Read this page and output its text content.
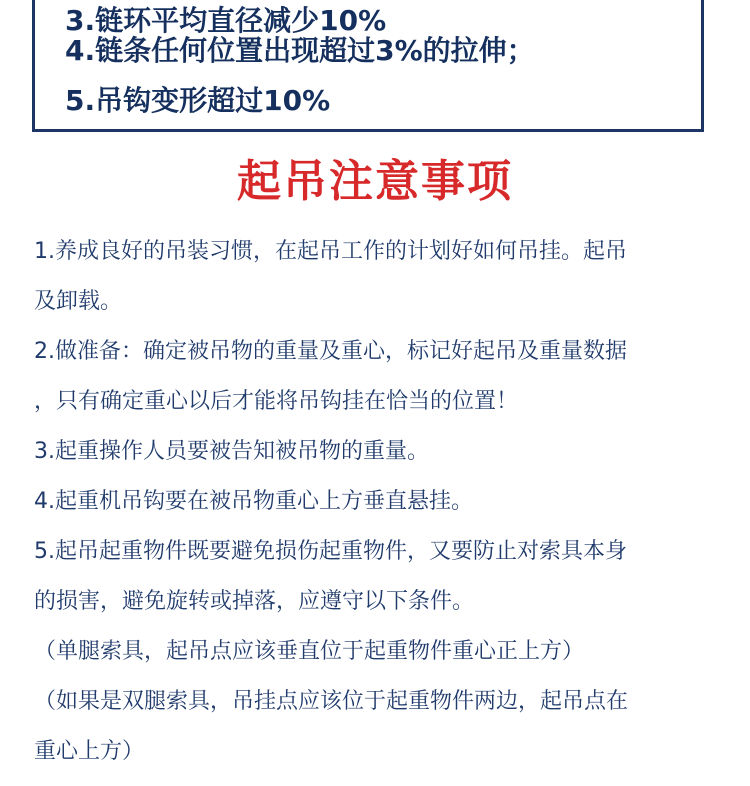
3.链环平均直径减少10%
4.链条任何位置出现超过3%的拉伸；
5.吊钩变形超过10%
起吊注意事项
1.养成良好的吊装习惯，在起吊工作的计划好如何吊挂。起吊
及卸载。
2.做准备：确定被吊物的重量及重心，标记好起吊及重量数据
，只有确定重心以后才能将吊钩挂在恰当的位置！
3.起重操作人员要被告知被吊物的重量。
4.起重机吊钩要在被吊物重心上方垂直悬挂。
5.起吊起重物件既要避免损伤起重物件，又要防止对索具本身
的损害，避免旋转或掉落，应遵守以下条件。
（单腿索具，起吊点应该垂直位于起重物件重心正上方）
（如果是双腿索具，吊挂点应该位于起重物件两边，起吊点在
重心上方）
